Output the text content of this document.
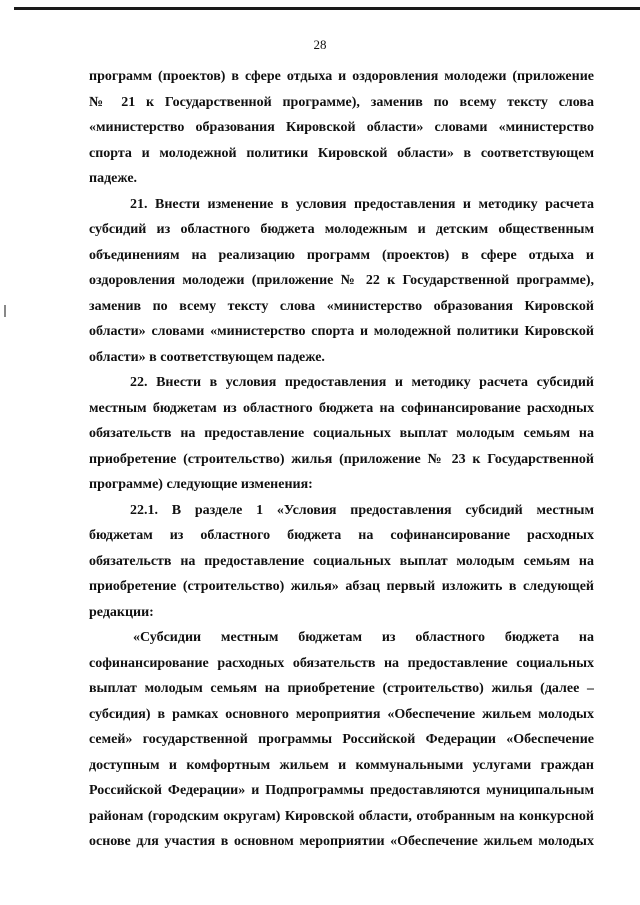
28
программ (проектов) в сфере отдыха и оздоровления молодежи (приложение
№ 21 к Государственной программе), заменив по всему тексту слова
«министерство образования Кировской области» словами «министерство
спорта и молодежной политики Кировской области» в соответствующем
падеже.
21. Внести изменение в условия предоставления и методику расчета
субсидий из областного бюджета молодежным и детским общественным
объединениям на реализацию программ (проектов) в сфере отдыха и
оздоровления молодежи (приложение № 22 к Государственной программе),
заменив по всему тексту слова «министерство образования Кировской
области» словами «министерство спорта и молодежной политики Кировской
области» в соответствующем падеже.
22. Внести в условия предоставления и методику расчета субсидий
местным бюджетам из областного бюджета на софинансирование расходных
обязательств на предоставление социальных выплат молодым семьям на
приобретение (строительство) жилья (приложение № 23 к Государственной
программе) следующие изменения:
22.1. В разделе 1 «Условия предоставления субсидий местным
бюджетам из областного бюджета на софинансирование расходных
обязательств на предоставление социальных выплат молодым семьям на
приобретение (строительство) жилья» абзац первый изложить в следующей
редакции:
«Субсидии местным бюджетам из областного бюджета на
софинансирование расходных обязательств на предоставление социальных
выплат молодым семьям на приобретение (строительство) жилья (далее –
субсидия) в рамках основного мероприятия «Обеспечение жильем молодых
семей» государственной программы Российской Федерации «Обеспечение
доступным и комфортным жильем и коммунальными услугами граждан
Российской Федерации» и Подпрограммы предоставляются муниципальным
районам (городским округам) Кировской области, отобранным на конкурсной
основе для участия в основном мероприятии «Обеспечение жильем молодых
